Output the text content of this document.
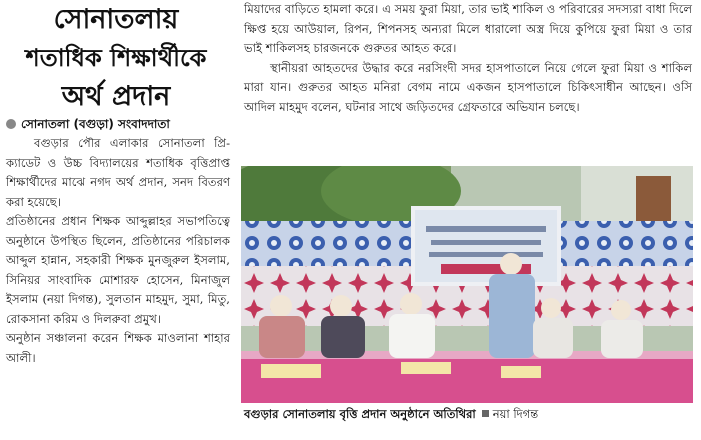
সোনাতলায়
শতাধিক শিক্ষার্থীকে
অর্থ প্রদান
সোনাতলা (বগুড়া) সংবাদদাতা

বগুড়ার পৌর এলাকার সোনাতলা প্রি-ক্যাডেট ও উচ্চ বিদ্যালয়ের শতাধিক বৃত্তিপ্রাপ্ত শিক্ষার্থীদের মাঝে নগদ অর্থ প্রদান, সনদ বিতরণ করা হয়েছে।

প্রতিষ্ঠানের প্রধান শিক্ষক আব্দুল্লাহর সভাপতিত্বে অনুষ্ঠানে উপস্থিত ছিলেন, প্রতিষ্ঠানের পরিচালক আব্দুল হান্নান, সহকারী শিক্ষক মুনজুরুল ইসলাম, সিনিয়র সাংবাদিক মোশারফ হোসেন, মিনাজুল ইসলাম (নয়া দিগন্ত), সুলতান মাহমুদ, সুমা, মিতু, রোকসানা করিম ও দিলরুবা প্রমুখ।

অনুষ্ঠান সঞ্চালনা করেন শিক্ষক মাওলানা শাহার আলী।

মিয়াদের বাড়িতে হামলা করে। এ সময় ফুরা মিয়া, তার ভাই শাকিল ও পরিবারের সদস্যরা বাধা দিলে ক্ষিপ্ত হয়ে আউয়াল, রিপন, শিপনসহ অন্যরা মিলে ধারালো অস্ত্র দিয়ে কুপিয়ে ফুরা মিয়া ও তার ভাই শাকিলসহ চারজনকে গুরুতর আহত করে।

স্থানীয়রা আহতদের উদ্ধার করে নরসিংদী সদর হাসপাতালে নিয়ে গেলে ফুরা মিয়া ও শাকিল মারা যান। গুরুতর আহত মনিরা বেগম নামে একজন হাসপাতালে চিকিৎসাধীন আছেন। ওসি আদিল মাহমুদ বলেন, ঘটনার সাথে জড়িতদের গ্রেফতারে অভিযান চলছে।

বগুড়ার সোনাতলায় বৃত্তি প্রদান অনুষ্ঠানে অতিথিরা নয়া দিগন্ত
